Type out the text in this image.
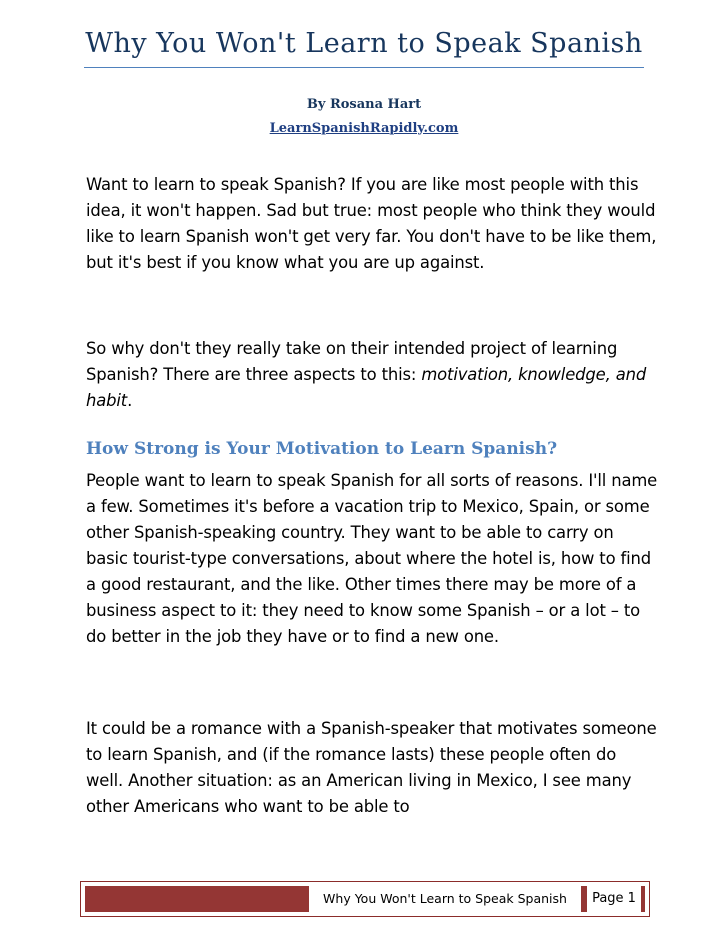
Why You Won't Learn to Speak Spanish
By Rosana Hart
LearnSpanishRapidly.com

Want to learn to speak Spanish? If you are like most people with this idea, it won't happen. Sad but true: most people who think they would like to learn Spanish won't get very far. You don't have to be like them, but it's best if you know what you are up against.

So why don't they really take on their intended project of learning Spanish? There are three aspects to this: motivation, knowledge, and habit.

How Strong is Your Motivation to Learn Spanish?

People want to learn to speak Spanish for all sorts of reasons. I'll name a few. Sometimes it's before a vacation trip to Mexico, Spain, or some other Spanish-speaking country. They want to be able to carry on basic tourist-type conversations, about where the hotel is, how to find a good restaurant, and the like. Other times there may be more of a business aspect to it: they need to know some Spanish – or a lot – to do better in the job they have or to find a new one.

It could be a romance with a Spanish-speaker that motivates someone to learn Spanish, and (if the romance lasts) these people often do well. Another situation: as an American living in Mexico, I see many other Americans who want to be able to

Why You Won't Learn to Speak Spanish	Page 1
